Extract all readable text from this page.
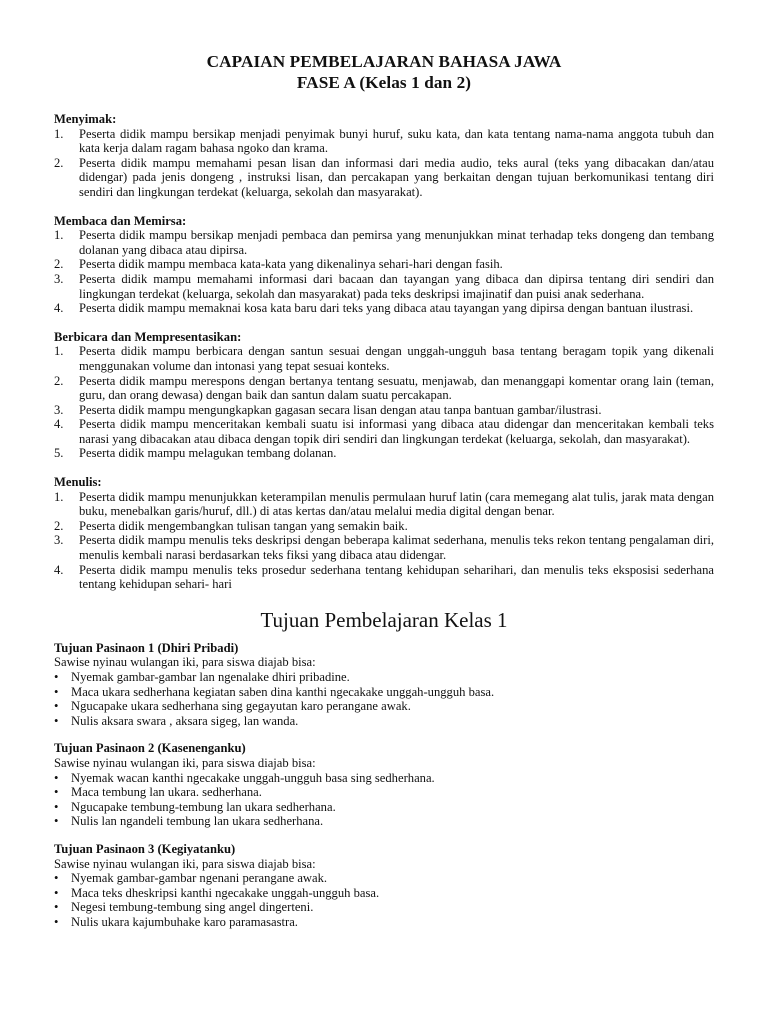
CAPAIAN PEMBELAJARAN BAHASA JAWA
FASE A (Kelas 1 dan 2)
Menyimak:
1.	Peserta didik mampu bersikap menjadi penyimak bunyi huruf, suku kata, dan kata tentang nama-nama anggota tubuh dan kata kerja dalam ragam bahasa ngoko dan krama.
2.	Peserta didik mampu memahami pesan lisan dan informasi dari media audio, teks aural (teks yang dibacakan dan/atau didengar) pada jenis dongeng , instruksi lisan, dan percakapan yang berkaitan dengan tujuan berkomunikasi tentang diri sendiri dan lingkungan terdekat (keluarga, sekolah dan masyarakat).
Membaca dan Memirsa:
1.	Peserta didik mampu bersikap menjadi pembaca dan pemirsa yang menunjukkan minat terhadap teks dongeng dan tembang dolanan yang dibaca atau dipirsa.
2.	Peserta didik mampu membaca kata-kata yang dikenalinya sehari-hari dengan fasih.
3.	Peserta didik mampu memahami informasi dari bacaan dan tayangan yang dibaca dan dipirsa tentang diri sendiri dan lingkungan terdekat (keluarga, sekolah dan masyarakat) pada teks deskripsi imajinatif dan puisi anak sederhana.
4.	Peserta didik mampu memaknai kosa kata baru dari teks yang dibaca atau tayangan yang dipirsa dengan bantuan ilustrasi.
Berbicara dan Mempresentasikan:
1.	Peserta didik mampu berbicara dengan santun sesuai dengan unggah-ungguh basa tentang beragam topik yang dikenali menggunakan volume dan intonasi yang tepat sesuai konteks.
2.	Peserta didik mampu merespons dengan bertanya tentang sesuatu, menjawab, dan menanggapi komentar orang lain (teman, guru, dan orang dewasa) dengan baik dan santun dalam suatu percakapan.
3.	Peserta didik mampu mengungkapkan gagasan secara lisan dengan atau tanpa bantuan gambar/ilustrasi.
4.	Peserta didik mampu menceritakan kembali suatu isi informasi yang dibaca atau didengar dan menceritakan kembali teks narasi yang dibacakan atau dibaca dengan topik diri sendiri dan lingkungan terdekat (keluarga, sekolah, dan masyarakat).
5.	Peserta didik mampu melagukan tembang dolanan.
Menulis:
1.	Peserta didik mampu menunjukkan keterampilan menulis permulaan huruf latin (cara memegang alat tulis, jarak mata dengan buku, menebalkan garis/huruf, dll.) di atas kertas dan/atau melalui media digital dengan benar.
2.	Peserta didik mengembangkan tulisan tangan yang semakin baik.
3.	Peserta didik mampu menulis teks deskripsi dengan beberapa kalimat sederhana, menulis teks rekon tentang pengalaman diri, menulis kembali narasi berdasarkan teks fiksi yang dibaca atau didengar.
4.	Peserta didik mampu menulis teks prosedur sederhana tentang kehidupan seharihari, dan menulis teks eksposisi sederhana tentang kehidupan sehari- hari
Tujuan Pembelajaran Kelas 1
Tujuan Pasinaon 1 (Dhiri Pribadi)
Sawise nyinau wulangan iki, para siswa diajab bisa:
• Nyemak gambar-gambar lan ngenalake dhiri pribadine.
• Maca ukara sedherhana kegiatan saben dina kanthi ngecakake unggah-ungguh basa.
• Ngucapake ukara sedherhana sing gegayutan karo perangane awak.
• Nulis aksara swara , aksara sigeg, lan wanda.
Tujuan Pasinaon 2 (Kasenenganku)
Sawise nyinau wulangan iki, para siswa diajab bisa:
• Nyemak wacan kanthi ngecakake unggah-ungguh basa sing sedherhana.
• Maca tembung lan ukara. sedherhana.
• Ngucapake tembung-tembung lan ukara sedherhana.
• Nulis lan ngandeli tembung lan ukara sedherhana.
Tujuan Pasinaon 3 (Kegiyatanku)
Sawise nyinau wulangan iki, para siswa diajab bisa:
• Nyemak gambar-gambar ngenani perangane awak.
• Maca teks dheskripsi kanthi ngecakake unggah-ungguh basa.
• Negesi tembung-tembung sing angel dingerteni.
• Nulis ukara kajumbuhake karo paramasastra.
